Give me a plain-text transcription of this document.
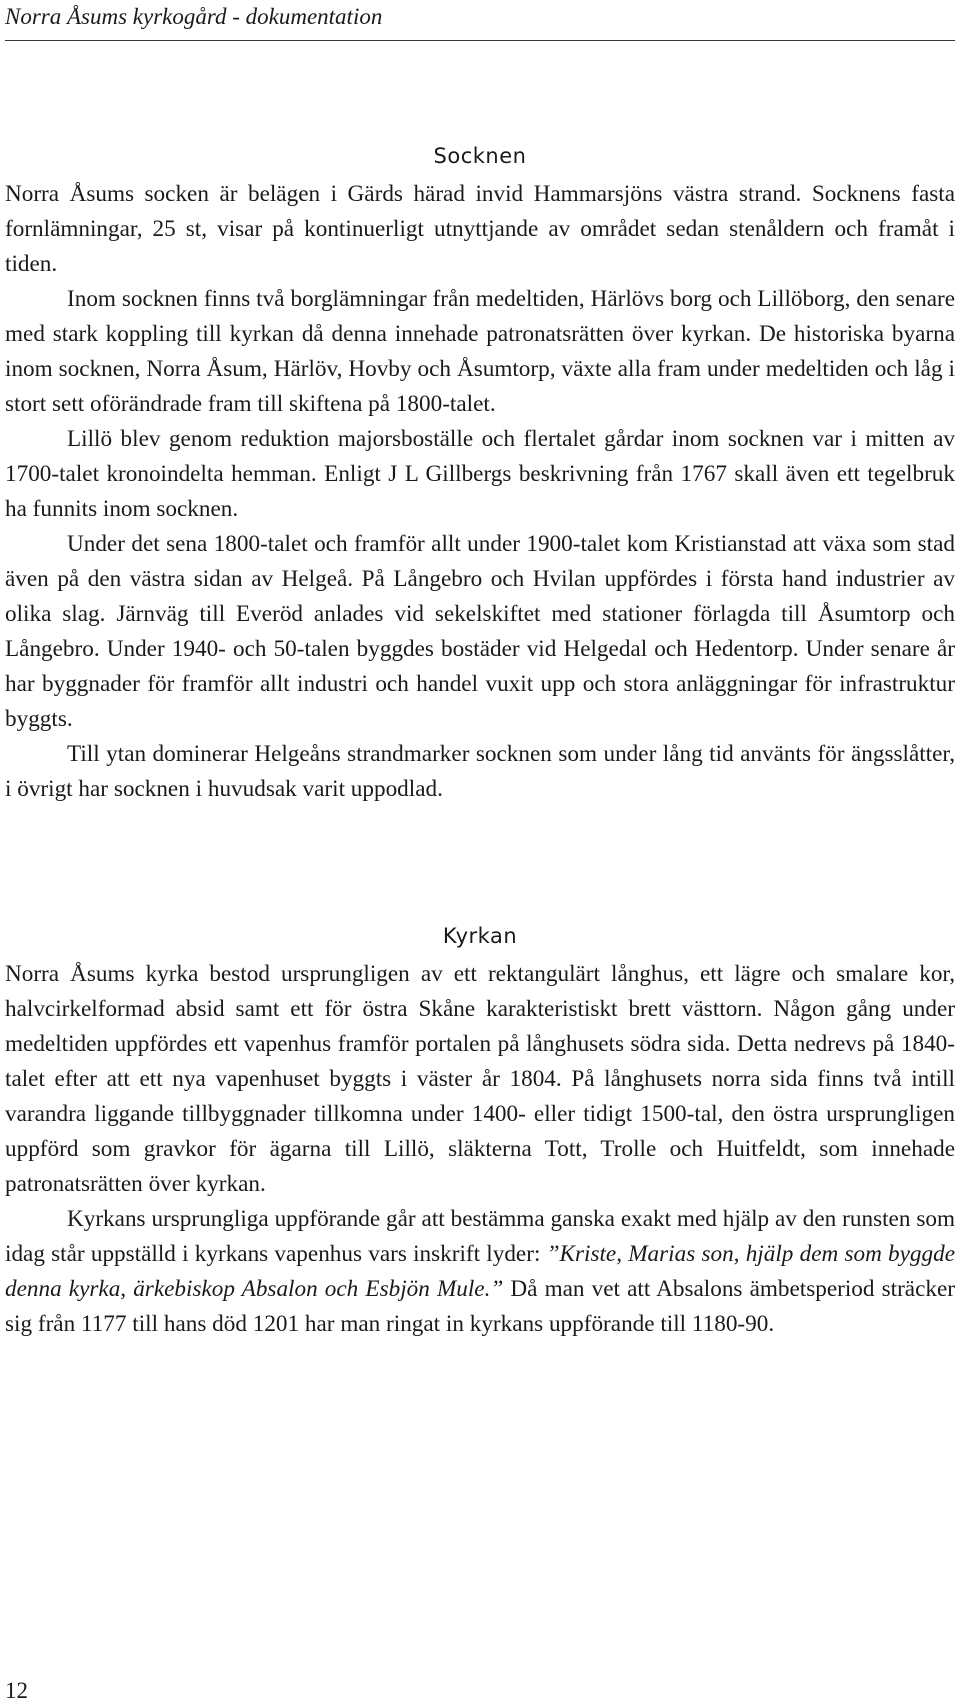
Norra Åsums kyrkogård - dokumentation
Socknen

Norra Åsums socken är belägen i Gärds härad invid Hammarsjöns västra strand. Socknens fasta fornlämningar, 25 st, visar på kontinuerligt utnyttjande av området sedan stenåldern och framåt i tiden.

Inom socknen finns två borglämningar från medeltiden, Härlövs borg och Lillöborg, den senare med stark koppling till kyrkan då denna innehade patronatsrätten över kyrkan. De historiska byarna inom socknen, Norra Åsum, Härlöv, Hovby och Åsumtorp, växte alla fram under medeltiden och låg i stort sett oförändrade fram till skiftena på 1800-talet.

Lillö blev genom reduktion majorsboställe och flertalet gårdar inom socknen var i mitten av 1700-talet kronoindelta hemman. Enligt J L Gillbergs beskrivning från 1767 skall även ett tegelbruk ha funnits inom socknen.

Under det sena 1800-talet och framför allt under 1900-talet kom Kristianstad att växa som stad även på den västra sidan av Helgeå. På Långebro och Hvilan uppfördes i första hand industrier av olika slag. Järnväg till Everöd anlades vid sekelskiftet med stationer förlagda till Åsumtorp och Långebro. Under 1940- och 50-talen byggdes bostäder vid Helgedal och Hedentorp. Under senare år har byggnader för framför allt industri och handel vuxit upp och stora anläggningar för infrastruktur byggts.

Till ytan dominerar Helgeåns strandmarker socknen som under lång tid använts för ängsslåtter, i övrigt har socknen i huvudsak varit uppodlad.

Kyrkan

Norra Åsums kyrka bestod ursprungligen av ett rektangulärt långhus, ett lägre och smalare kor, halvcirkelformad absid samt ett för östra Skåne karakteristiskt brett västtorn. Någon gång under medeltiden uppfördes ett vapenhus framför portalen på långhusets södra sida. Detta nedrevs på 1840-talet efter att ett nya vapenhuset byggts i väster år 1804. På långhusets norra sida finns två intill varandra liggande tillbyggnader tillkomna under 1400- eller tidigt 1500-tal, den östra ursprungligen uppförd som gravkor för ägarna till Lillö, släkterna Tott, Trolle och Huitfeldt, som innehade patronatsrätten över kyrkan.

Kyrkans ursprungliga uppförande går att bestämma ganska exakt med hjälp av den runsten som idag står uppställd i kyrkans vapenhus vars inskrift lyder: ”Kriste, Marias son, hjälp dem som byggde denna kyrka, ärkebiskop Absalon och Esbjön Mule.” Då man vet att Absalons ämbetsperiod sträcker sig från 1177 till hans död 1201 har man ringat in kyrkans uppförande till 1180-90.

12
